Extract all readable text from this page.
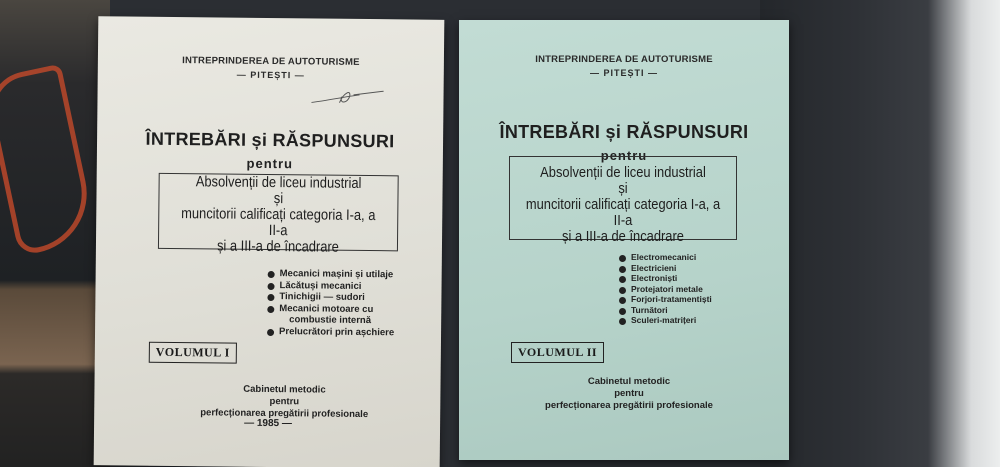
INTREPRINDEREA DE AUTOTURISME
— PITEȘTI —
ÎNTREBĂRI și RĂSPUNSURI
pentru
Absolvenții de liceu industrial
și
muncitorii calificați categoria I-a, a II-a
și a III-a de încadrare
Mecanici mașini și utilaje
Lăcătuși mecanici
Tinichigii — sudori
Mecanici motoare cu
combustie internă
Prelucrători prin așchiere
VOLUMUL I
Cabinetul metodic
pentru
perfecționarea pregătirii profesionale
— 1985 —
INTREPRINDEREA DE AUTOTURISME
— PITEȘTI —
ÎNTREBĂRI și RĂSPUNSURI
pentru
Absolvenții de liceu industrial
și
muncitorii calificați categoria I-a, a II-a
și a III-a de încadrare
Electromecanici
Electricieni
Electroniști
Protejatori metale
Forjori-tratamentiști
Turnători
Sculeri-matrițeri
VOLUMUL II
Cabinetul metodic
pentru
perfecționarea pregătirii profesionale
